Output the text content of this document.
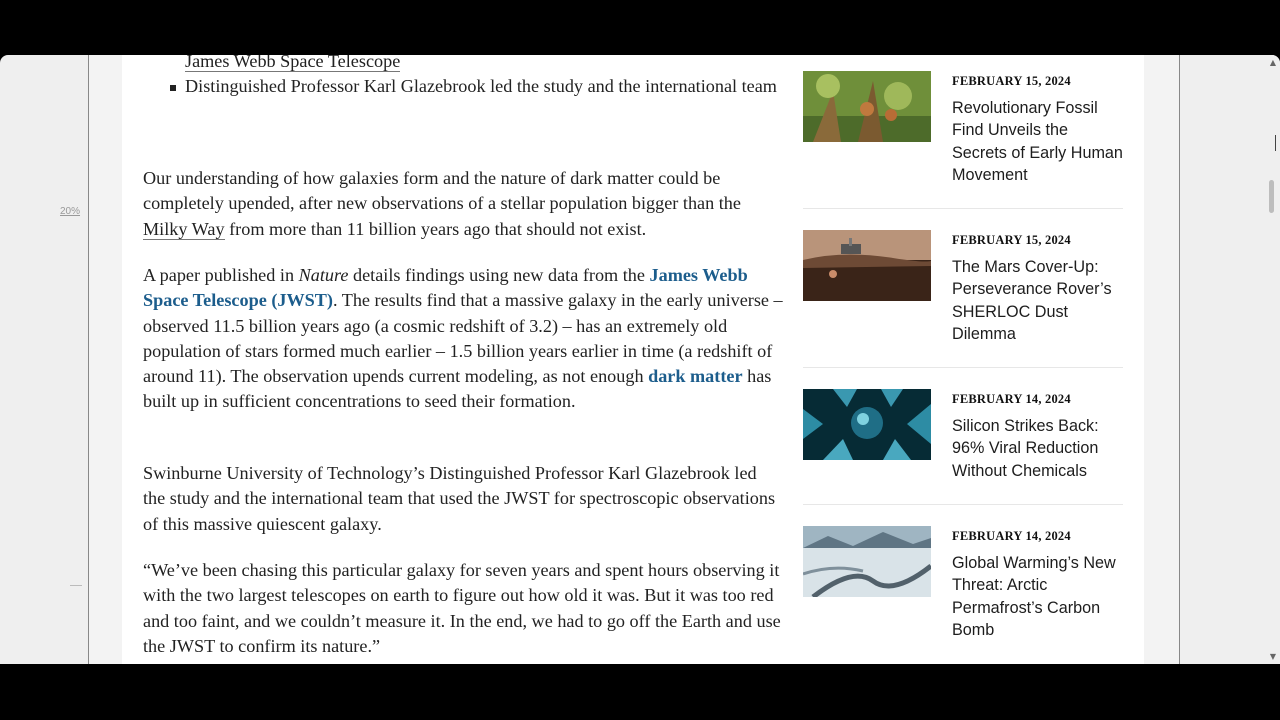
20%
James Webb Space Telescope
Distinguished Professor Karl Glazebrook led the study and the international team

Our understanding of how galaxies form and the nature of dark matter could be completely upended, after new observations of a stellar population bigger than the Milky Way from more than 11 billion years ago that should not exist.

A paper published in Nature details findings using new data from the James Webb Space Telescope (JWST). The results find that a massive galaxy in the early universe – observed 11.5 billion years ago (a cosmic redshift of 3.2) – has an extremely old population of stars formed much earlier – 1.5 billion years earlier in time (a redshift of around 11). The observation upends current modeling, as not enough dark matter has built up in sufficient concentrations to seed their formation.

Swinburne University of Technology’s Distinguished Professor Karl Glazebrook led the study and the international team that used the JWST for spectroscopic observations of this massive quiescent galaxy.

“We’ve been chasing this particular galaxy for seven years and spent hours observing it with the two largest telescopes on earth to figure out how old it was. But it was too red and too faint, and we couldn’t measure it. In the end, we had to go off the Earth and use the JWST to confirm its nature.”

FEBRUARY 15, 2024
Revolutionary Fossil Find Unveils the Secrets of Early Human Movement
FEBRUARY 15, 2024
The Mars Cover-Up: Perseverance Rover’s SHERLOC Dust Dilemma
FEBRUARY 14, 2024
Silicon Strikes Back: 96% Viral Reduction Without Chemicals
FEBRUARY 14, 2024
Global Warming’s New Threat: Arctic Permafrost’s Carbon Bomb
▲
▼
